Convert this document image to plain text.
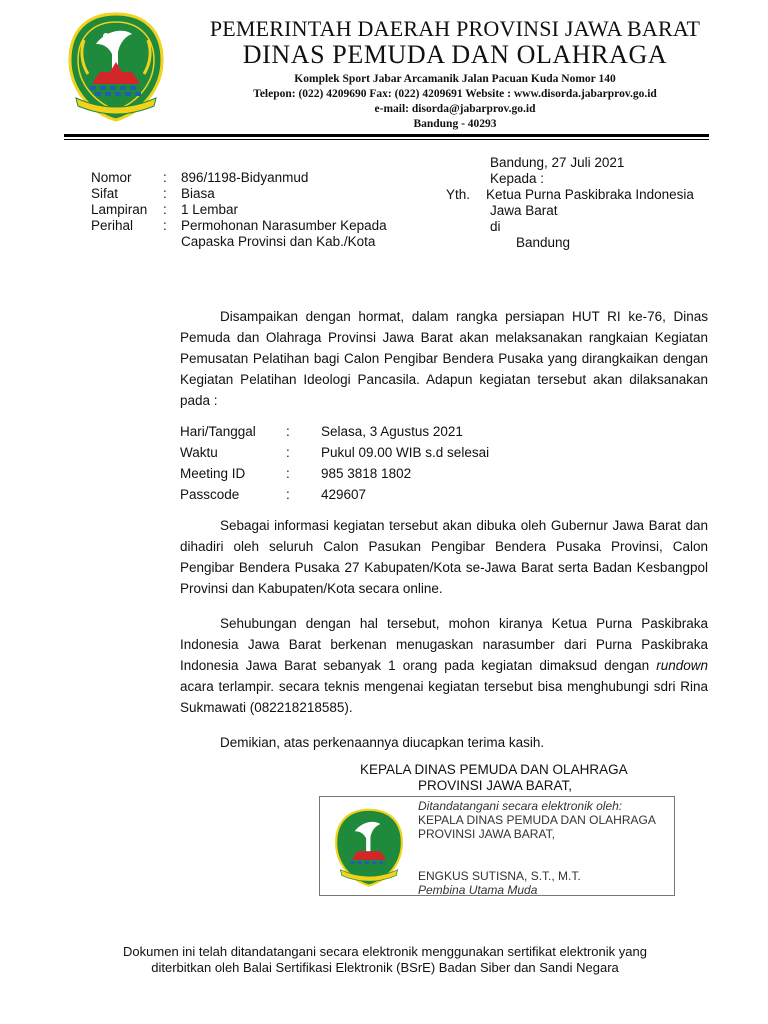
PEMERINTAH DAERAH PROVINSI JAWA BARAT
DINAS PEMUDA DAN OLAHRAGA
Komplek Sport Jabar Arcamanik Jalan Pacuan Kuda Nomor 140
Telepon: (022) 4209690 Fax: (022) 4209691 Website : www.disorda.jabarprov.go.id
e-mail: disorda@jabarprov.go.id
Bandung - 40293
Nomor	:	896/1198-Bidyanmud
Sifat	:	Biasa
Lampiran	:	1 Lembar
Perihal	:	Permohonan Narasumber Kepada Capaska Provinsi dan Kab./Kota
Bandung, 27 Juli 2021
Kepada :
Yth. Ketua Purna Paskibraka Indonesia
Jawa Barat
di
Bandung

Disampaikan dengan hormat, dalam rangka persiapan HUT RI ke-76, Dinas Pemuda dan Olahraga Provinsi Jawa Barat akan melaksanakan rangkaian Kegiatan Pemusatan Pelatihan bagi Calon Pengibar Bendera Pusaka yang dirangkaikan dengan Kegiatan Pelatihan Ideologi Pancasila. Adapun kegiatan tersebut akan dilaksanakan pada :

Hari/Tanggal	:	Selasa, 3 Agustus 2021
Waktu	:	Pukul 09.00 WIB s.d selesai
Meeting ID	:	985 3818 1802
Passcode	:	429607

Sebagai informasi kegiatan tersebut akan dibuka oleh Gubernur Jawa Barat dan dihadiri oleh seluruh Calon Pasukan Pengibar Bendera Pusaka Provinsi, Calon Pengibar Bendera Pusaka 27 Kabupaten/Kota se-Jawa Barat serta Badan Kesbangpol Provinsi dan Kabupaten/Kota secara online.

Sehubungan dengan hal tersebut, mohon kiranya Ketua Purna Paskibraka Indonesia Jawa Barat berkenan menugaskan narasumber dari Purna Paskibraka Indonesia Jawa Barat sebanyak 1 orang pada kegiatan dimaksud dengan rundown acara terlampir. secara teknis mengenai kegiatan tersebut bisa menghubungi sdri Rina Sukmawati (082218218585).

Demikian, atas perkenaannya diucapkan terima kasih.

KEPALA DINAS PEMUDA DAN OLAHRAGA
PROVINSI JAWA BARAT,
Ditandatangani secara elektronik oleh:
KEPALA DINAS PEMUDA DAN OLAHRAGA
PROVINSI JAWA BARAT,
ENGKUS SUTISNA, S.T., M.T.
Pembina Utama Muda
Dokumen ini telah ditandatangani secara elektronik menggunakan sertifikat elektronik yang
diterbitkan oleh Balai Sertifikasi Elektronik (BSrE) Badan Siber dan Sandi Negara
